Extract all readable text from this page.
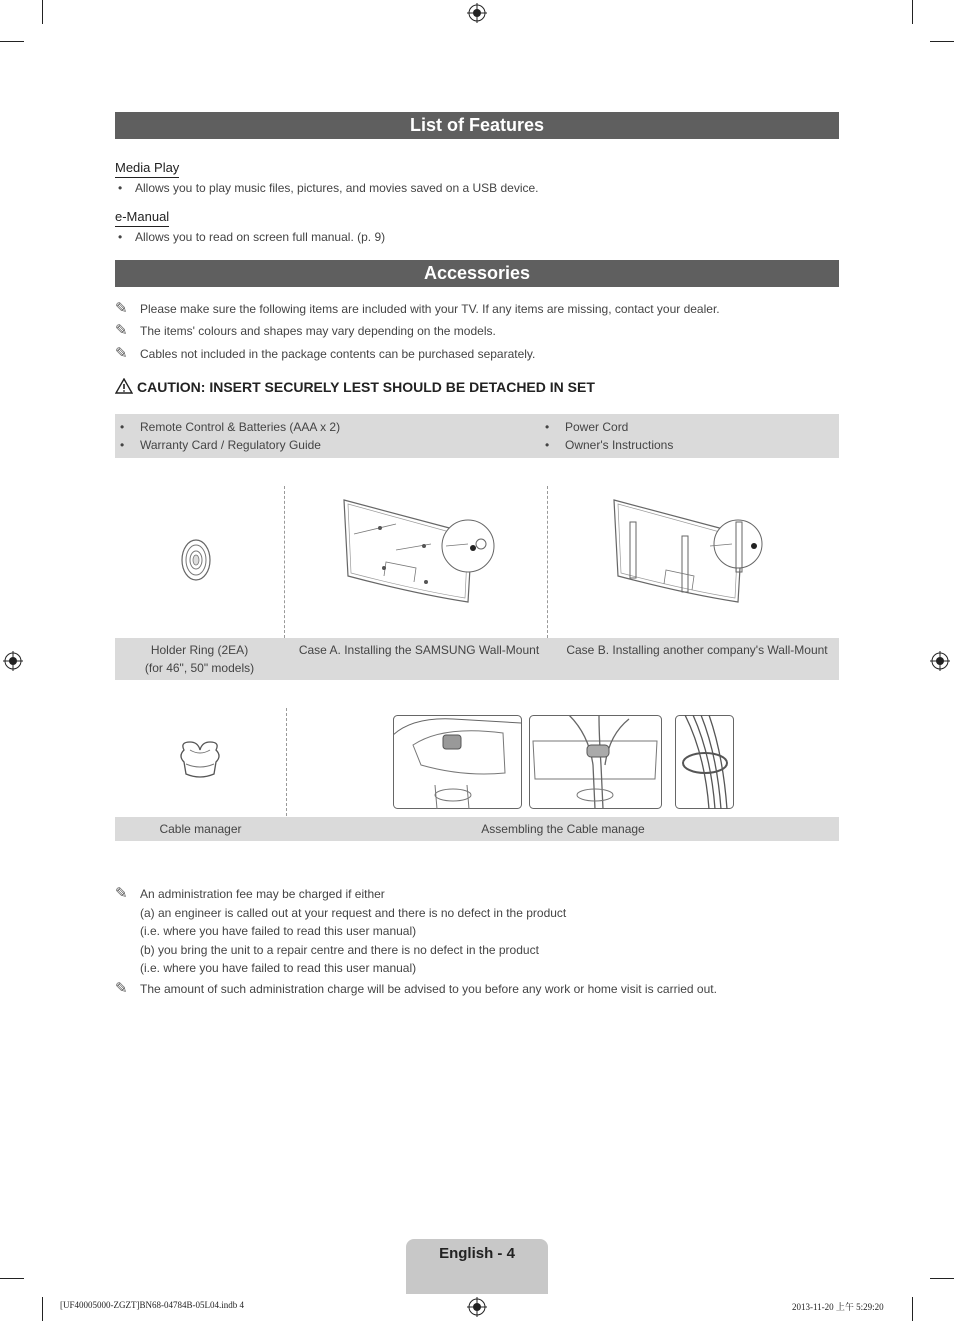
List of Features
Media Play
• Allows you to play music files, pictures, and movies saved on a USB device.
e-Manual
• Allows you to read on screen full manual. (p. 9)
Accessories
✎ Please make sure the following items are included with your TV. If any items are missing, contact your dealer.
✎ The items' colours and shapes may vary depending on the models.
✎ Cables not included in the package contents can be purchased separately.
CAUTION: INSERT SECURELY LEST SHOULD BE DETACHED IN SET
• Remote Control & Batteries (AAA x 2)
• Warranty Card / Regulatory Guide
• Power Cord
• Owner's Instructions
Holder Ring (2EA)
(for 46", 50" models)
Case A. Installing the SAMSUNG Wall-Mount	Case B. Installing another company's Wall-Mount
Cable manager	Assembling the Cable manage
✎ An administration fee may be charged if either
(a) an engineer is called out at your request and there is no defect in the product
(i.e. where you have failed to read this user manual)
(b) you bring the unit to a repair centre and there is no defect in the product
(i.e. where you have failed to read this user manual)
✎ The amount of such administration charge will be advised to you before any work or home visit is carried out.
English - 4
[UF40005000-ZGZT]BN68-04784B-05L04.indb 4	2013-11-20 上午 5:29:20
